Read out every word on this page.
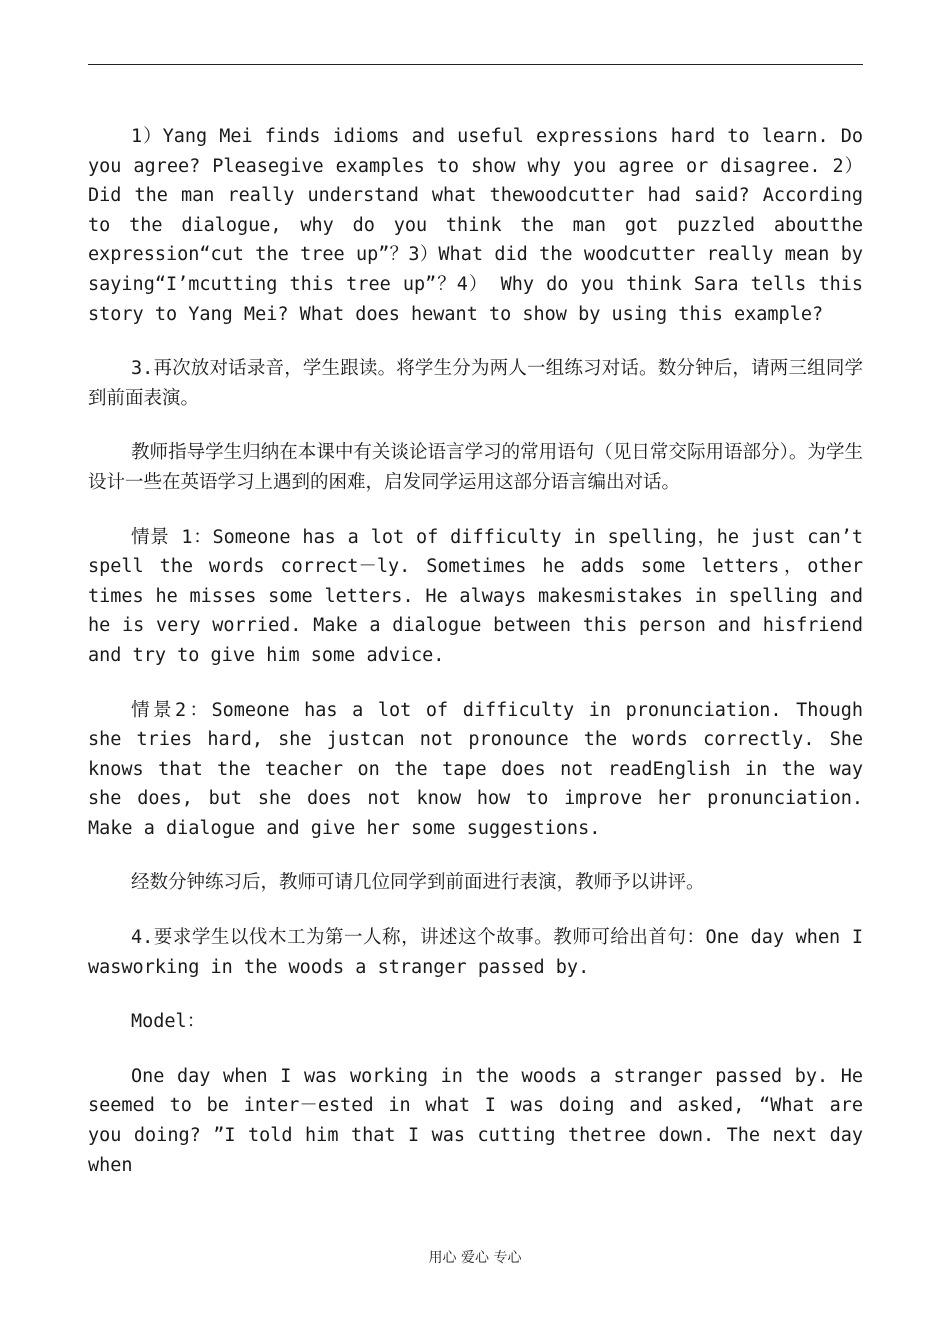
1）Yang Mei finds idioms and useful expressions hard to learn. Do you agree? Pleasegive examples to show why you agree or disagree. 2）Did the man really understand what thewoodcutter had said? According to the dialogue, why do you think the man got puzzled aboutthe expression“cut the tree up”？3）What did the woodcutter really mean by saying“I’mcutting this tree up”？4） Why do you think Sara tells this story to Yang Mei? What does hewant to show by using this example?

3.再次放对话录音，学生跟读。将学生分为两人一组练习对话。数分钟后，请两三组同学到前面表演。

教师指导学生归纳在本课中有关谈论语言学习的常用语句（见日常交际用语部分）。为学生设计一些在英语学习上遇到的困难，启发同学运用这部分语言编出对话。

情景 1：Someone has a lot of difficulty in spelling，he just can’t spell the words correct－ly. Sometimes he adds some letters，other times he misses some letters. He always makesmistakes in spelling and he is very worried. Make a dialogue between this person and hisfriend and try to give him some advice.

情景2：Someone has a lot of difficulty in pronunciation. Though she tries hard, she justcan not pronounce the words correctly. She knows that the teacher on the tape does not readEnglish in the way she does, but she does not know how to improve her pronunciation. Make a dialogue and give her some suggestions.

经数分钟练习后，教师可请几位同学到前面进行表演，教师予以讲评。

4.要求学生以伐木工为第一人称，讲述这个故事。教师可给出首句：One day when I wasworking in the woods a stranger passed by.

Model：

One day when I was working in the woods a stranger passed by. He seemed to be inter－ested in what I was doing and asked, “What are you doing? ”I told him that I was cutting thetree down. The next day when

用心 爱心 专心
